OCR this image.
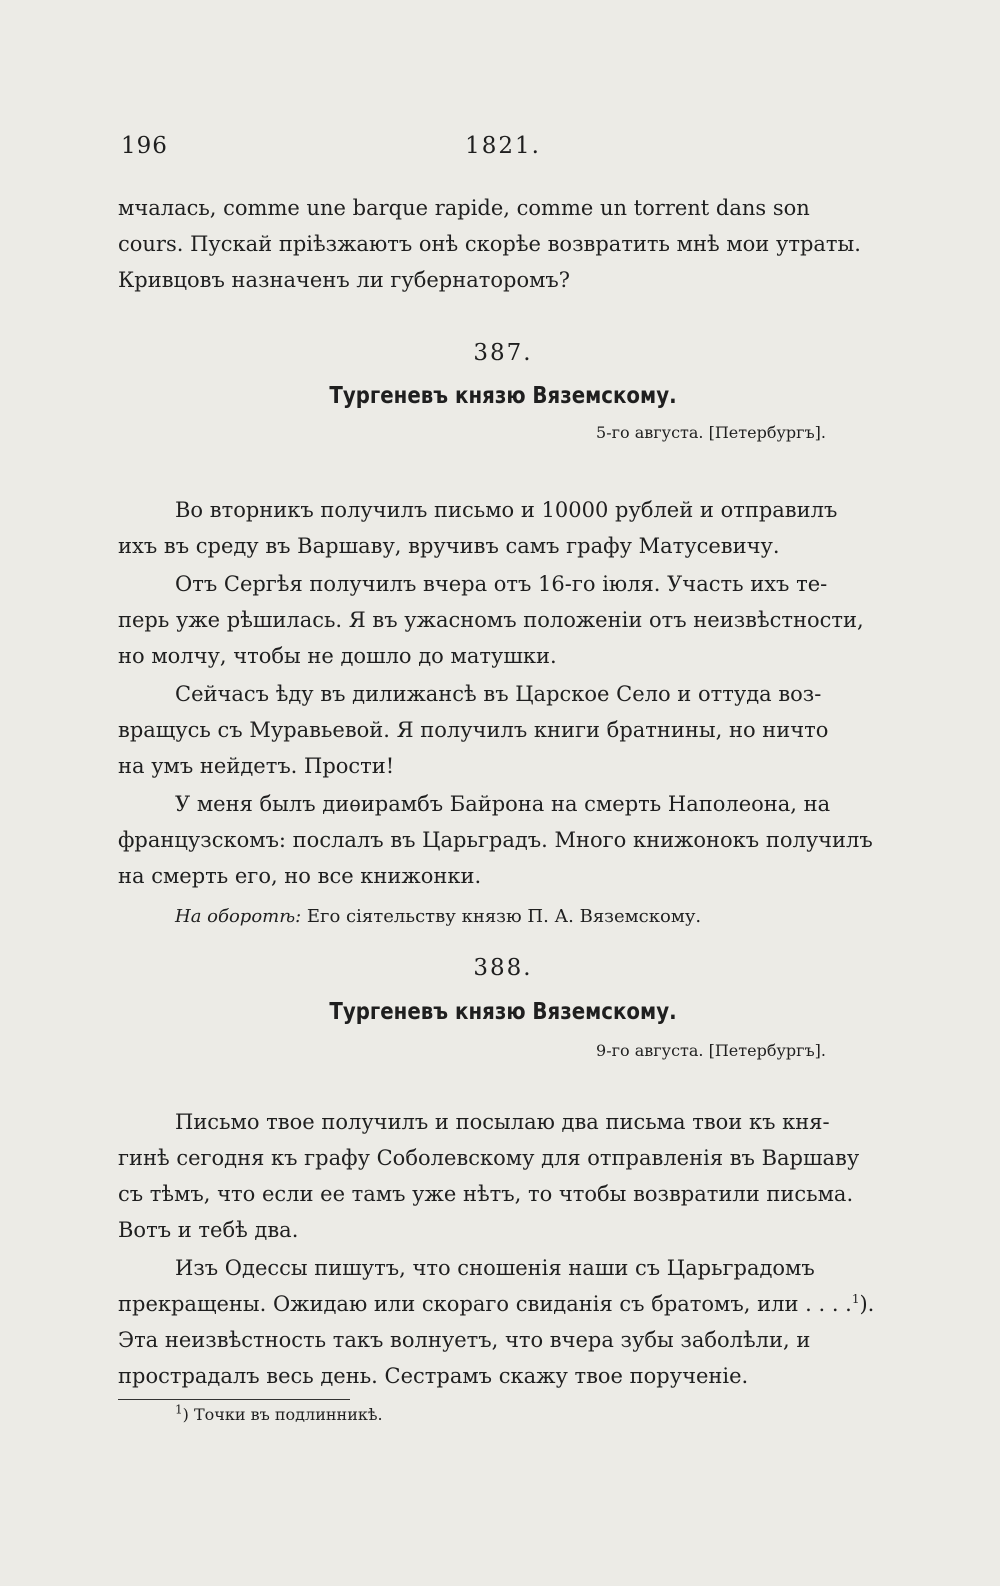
196	1821.
мчалась, comme une barque rapide, comme un torrent dans son
cours. Пускай прiѣзжаютъ онѣ скорѣе возвратить мнѣ мои утраты.
Кривцовъ назначенъ ли губернаторомъ?
387.
Тургеневъ князю Вяземскому.
5-го августа. [Петербургъ].
Во вторникъ получилъ письмо и 10000 рублей и отправилъ
ихъ въ среду въ Варшаву, вручивъ самъ графу Матусевичу.
Отъ Сергѣя получилъ вчера отъ 16-го iюля. Участь ихъ те-
перь уже рѣшилась. Я въ ужасномъ положенiи отъ неизвѣстности,
но молчу, чтобы не дошло до матушки.
Сейчасъ ѣду въ дилижансѣ въ Царское Село и оттуда воз-
вращусь съ Муравьевой. Я получилъ книги братнины, но ничто
на умъ нейдетъ. Прости!
У меня былъ диѳирамбъ Байрона на смерть Наполеона, на
французскомъ: послалъ въ Царьградъ. Много книжонокъ получилъ
на смерть его, но все книжонки.
На оборотѣ: Его сiятельству князю П. А. Вяземскому.
388.
Тургеневъ князю Вяземскому.
9-го августа. [Петербургъ].
Письмо твое получилъ и посылаю два письма твои къ кня-
гинѣ сегодня къ графу Соболевскому для отправленiя въ Варшаву
съ тѣмъ, что если ее тамъ уже нѣтъ, то чтобы возвратили письма.
Вотъ и тебѣ два.
Изъ Одессы пишутъ, что сношенiя наши съ Царьградомъ
прекращены. Ожидаю или скораго свиданiя съ братомъ, или . . . .$^1$).
Эта неизвѣстность такъ волнуетъ, что вчера зубы заболѣли, и
прострадалъ весь день. Сестрамъ скажу твое порученiе.
$^1$) Точки въ подлинникѣ.
